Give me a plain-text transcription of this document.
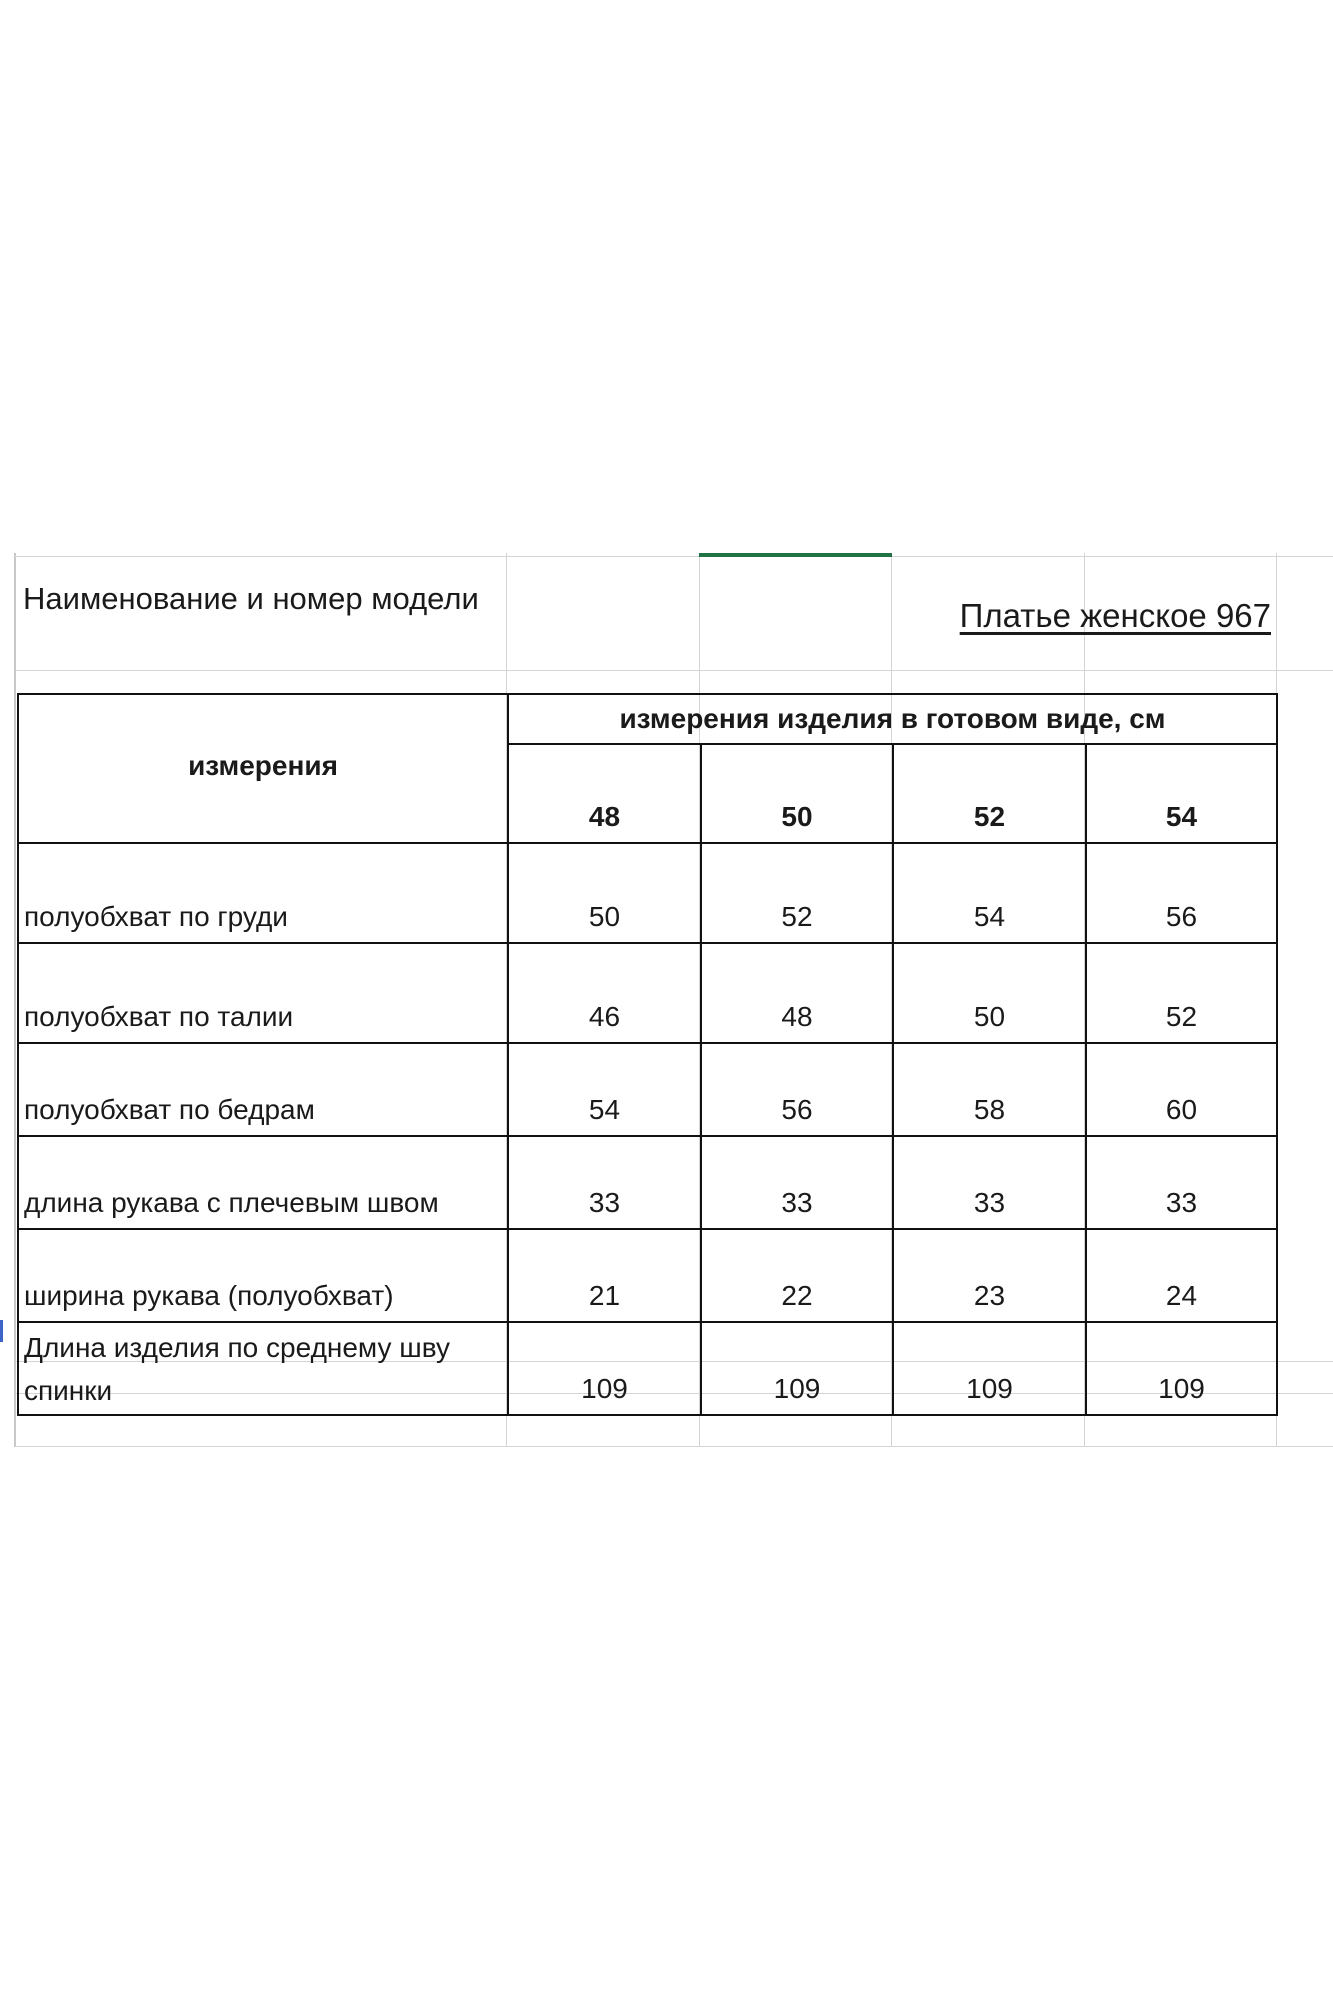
Наименование и номер модели	Платье женское 967
измерения	измерения изделия в готовом виде, см			
	48	50	52	54
полуобхват по груди	50	52	54	56
полуобхват по талии	46	48	50	52
полуобхват по бедрам	54	56	58	60
длина рукава с плечевым швом	33	33	33	33
ширина рукава (полуобхват)	21	22	23	24
Длина изделия по среднему шву спинки	109	109	109	109
